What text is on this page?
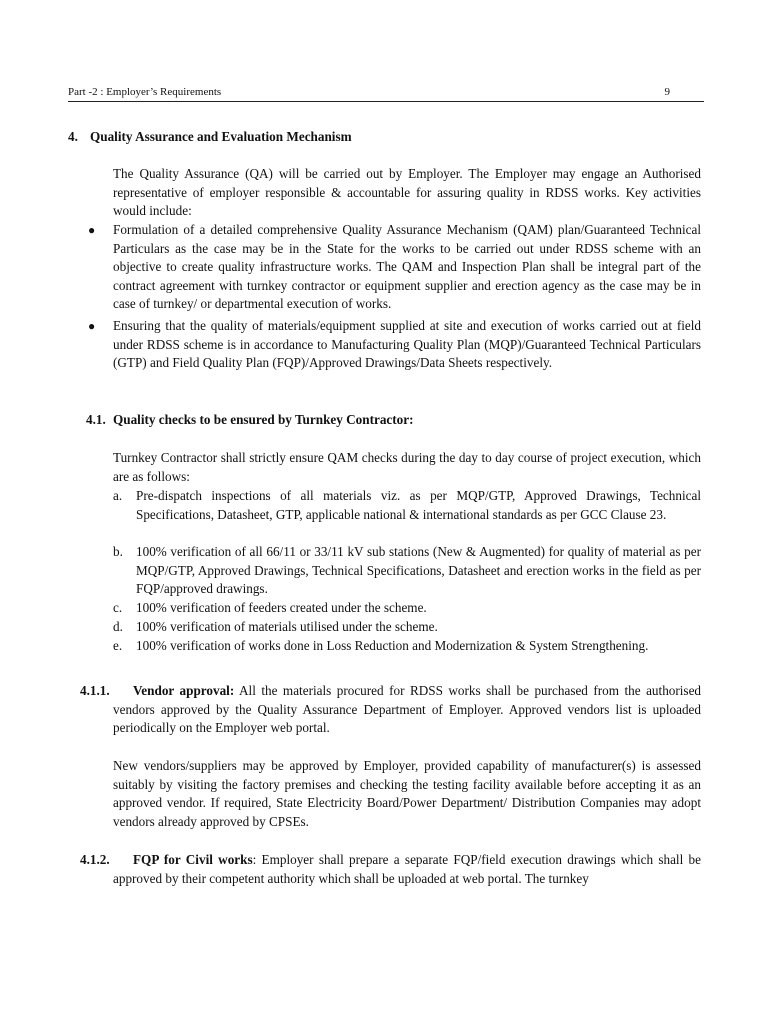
Part -2 : Employer’s Requirements	9
4. Quality Assurance and Evaluation Mechanism
The Quality Assurance (QA) will be carried out by Employer. The Employer may engage an Authorised representative of employer responsible & accountable for assuring quality in RDSS works. Key activities would include:
● Formulation of a detailed comprehensive Quality Assurance Mechanism (QAM) plan/Guaranteed Technical Particulars as the case may be in the State for the works to be carried out under RDSS scheme with an objective to create quality infrastructure works. The QAM and Inspection Plan shall be integral part of the contract agreement with turnkey contractor or equipment supplier and erection agency as the case may be in case of turnkey/ or departmental execution of works.
● Ensuring that the quality of materials/equipment supplied at site and execution of works carried out at field under RDSS scheme is in accordance to Manufacturing Quality Plan (MQP)/Guaranteed Technical Particulars (GTP) and Field Quality Plan (FQP)/Approved Drawings/Data Sheets respectively.
4.1. Quality checks to be ensured by Turnkey Contractor:
Turnkey Contractor shall strictly ensure QAM checks during the day to day course of project execution, which are as follows:
a. Pre-dispatch inspections of all materials viz. as per MQP/GTP, Approved Drawings, Technical Specifications, Datasheet, GTP, applicable national & international standards as per GCC Clause 23.
b. 100% verification of all 66/11 or 33/11 kV sub stations (New & Augmented) for quality of material as per MQP/GTP, Approved Drawings, Technical Specifications, Datasheet and erection works in the field as per FQP/approved drawings.
c. 100% verification of feeders created under the scheme.
d. 100% verification of materials utilised under the scheme.
e. 100% verification of works done in Loss Reduction and Modernization & System Strengthening.
4.1.1.	Vendor approval: All the materials procured for RDSS works shall be purchased from the authorised vendors approved by the Quality Assurance Department of Employer. Approved vendors list is uploaded periodically on the Employer web portal.
New vendors/suppliers may be approved by Employer, provided capability of manufacturer(s) is assessed suitably by visiting the factory premises and checking the testing facility available before accepting it as an approved vendor. If required, State Electricity Board/Power Department/ Distribution Companies may adopt vendors already approved by CPSEs.
4.1.2.	FQP for Civil works: Employer shall prepare a separate FQP/field execution drawings which shall be approved by their competent authority which shall be uploaded at web portal. The turnkey
